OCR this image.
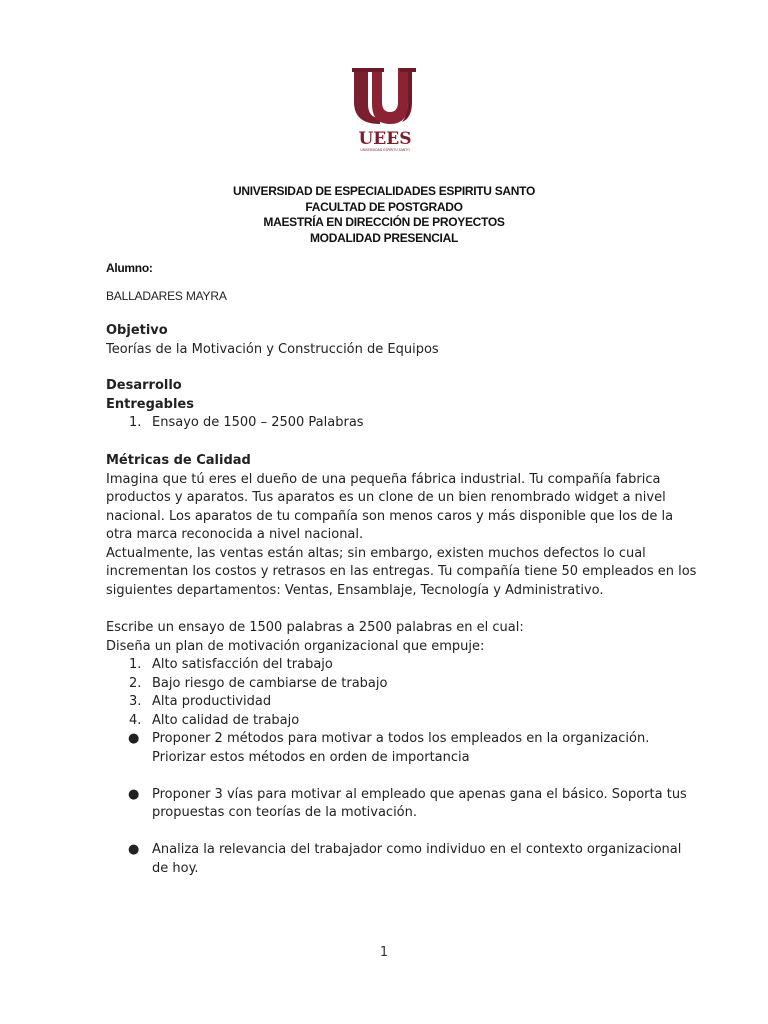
UEES
UNIVERSIDAD ESPIRITU SANTO
UNIVERSIDAD DE ESPECIALIDADES ESPIRITU SANTO
FACULTAD DE POSTGRADO
MAESTRÍA EN DIRECCIÓN DE PROYECTOS
MODALIDAD PRESENCIAL
Alumno:
BALLADARES MAYRA

Objetivo

Teorías de la Motivación y Construcción de Equipos

Desarrollo

Entregables

1. Ensayo de 1500 – 2500 Palabras

Métricas de Calidad

Imagina que tú eres el dueño de una pequeña fábrica industrial. Tu compañía fabrica

productos y aparatos. Tus aparatos es un clone de un bien renombrado widget a nivel

nacional. Los aparatos de tu compañía son menos caros y más disponible que los de la

otra marca reconocida a nivel nacional.

Actualmente, las ventas están altas; sin embargo, existen muchos defectos lo cual

incrementan los costos y retrasos en las entregas. Tu compañía tiene 50 empleados en los

siguientes departamentos: Ventas, Ensamblaje, Tecnología y Administrativo.

Escribe un ensayo de 1500 palabras a 2500 palabras en el cual:

Diseña un plan de motivación organizacional que empuje:

1. Alto satisfacción del trabajo
2. Bajo riesgo de cambiarse de trabajo
3. Alta productividad
4. Alto calidad de trabajo
● Proponer 2 métodos para motivar a todos los empleados en la organización.
Priorizar estos métodos en orden de importancia
● Proponer 3 vías para motivar al empleado que apenas gana el básico. Soporta tus
propuestas con teorías de la motivación.
● Analiza la relevancia del trabajador como individuo en el contexto organizacional
de hoy.
1
